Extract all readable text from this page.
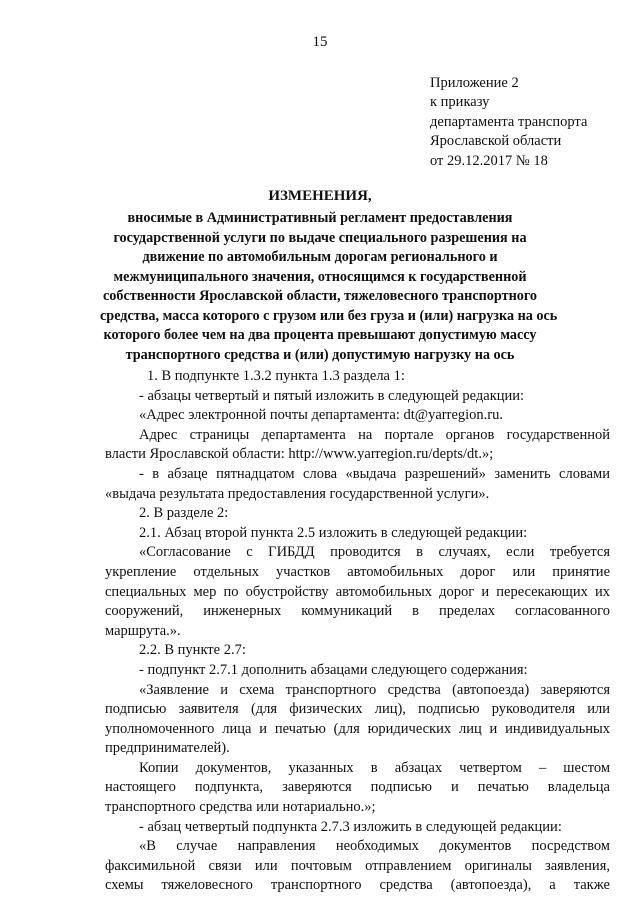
15
Приложение 2
к приказу
департамента транспорта
Ярославской области
от 29.12.2017 № 18
ИЗМЕНЕНИЯ,
вносимые в Административный регламент предоставления
государственной услуги по выдаче специального разрешения на
движение по автомобильным дорогам регионального и
межмуниципального значения, относящимся к государственной
собственности Ярославской области, тяжеловесного транспортного
средства, масса которого с грузом или без груза и (или) нагрузка на ось
которого более чем на два процента превышают допустимую массу
транспортного средства и (или) допустимую нагрузку на ось
1. В подпункте 1.3.2 пункта 1.3 раздела 1:
- абзацы четвертый и пятый изложить в следующей редакции:
«Адрес электронной почты департамента: dt@yarregion.ru.
Адрес страницы департамента на портале органов государственной
власти Ярославской области: http://www.yarregion.ru/depts/dt.»;
- в абзаце пятнадцатом слова «выдача разрешений» заменить словами
«выдача результата предоставления государственной услуги».
2. В разделе 2:
2.1. Абзац второй пункта 2.5 изложить в следующей редакции:
«Согласование с ГИБДД проводится в случаях, если требуется
укрепление отдельных участков автомобильных дорог или принятие
специальных мер по обустройству автомобильных дорог и пересекающих их
сооружений, инженерных коммуникаций в пределах согласованного
маршрута.».
2.2. В пункте 2.7:
- подпункт 2.7.1 дополнить абзацами следующего содержания:
«Заявление и схема транспортного средства (автопоезда) заверяются
подписью заявителя (для физических лиц), подписью руководителя или
уполномоченного лица и печатью (для юридических лиц и индивидуальных
предпринимателей).
Копии документов, указанных в абзацах четвертом – шестом
настоящего подпункта, заверяются подписью и печатью владельца
транспортного средства или нотариально.»;
- абзац четвертый подпункта 2.7.3 изложить в следующей редакции:
«В случае направления необходимых документов посредством
факсимильной связи или почтовым отправлением оригиналы заявления,
схемы тяжеловесного транспортного средства (автопоезда), а также
